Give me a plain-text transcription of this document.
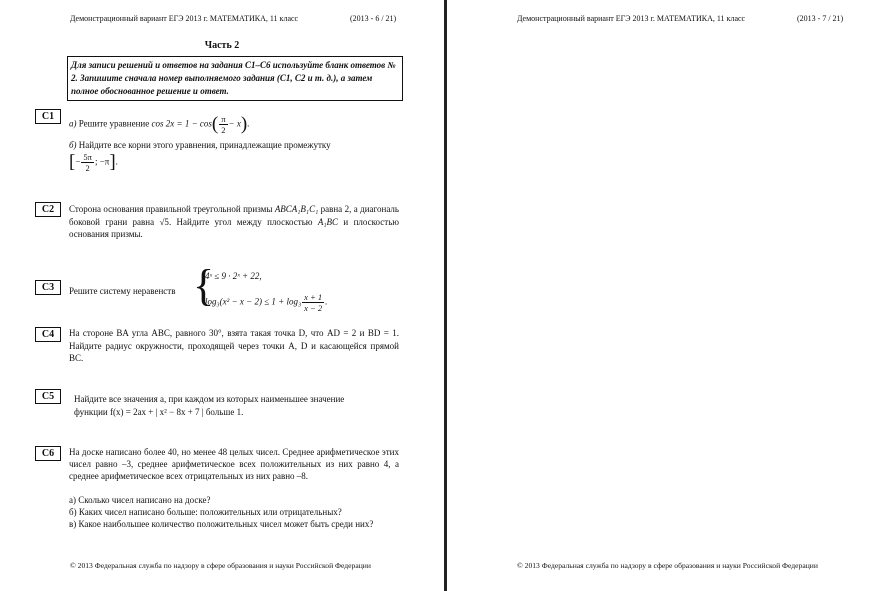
Демонстрационный вариант ЕГЭ 2013 г. МАТЕМАТИКА, 11 класс	(2013 - 6 / 21)
Часть 2
Для записи решений и ответов на задания C1–C6 используйте бланк ответов № 2. Запишите сначала номер выполняемого задания (C1, C2 и т. д.), а затем полное обоснованное решение и ответ.
C1
а) Решите уравнение $\cos 2x = 1 - \cos( \frac{\pi}{2} - x)$.
б) Найдите все корни этого уравнения, принадлежащие промежутку
[− $\frac{5\pi}{2}$ ; −π].
C2	Сторона основания правильной треугольной призмы ABCA₁B₁C₁ равна 2, а диагональ боковой грани равна √5. Найдите угол между плоскостью A₁BC и плоскостью основания призмы.
C3	Решите систему неравенств {
4ˣ ≤ 9 · 2ˣ + 22,
$\log_3(x^2 - x - 2) \le 1 + \log_3 \frac{x + 1}{x - 2}$ .
C4	На стороне BA угла ABC, равного 30°, взята такая точка D, что AD = 2 и BD = 1. Найдите радиус окружности, проходящей через точки A, D и касающейся прямой BC.
C5	Найдите все значения a, при каждом из которых наименьшее значение
функции f(x) = 2ax + | x² − 8x + 7 | больше 1.
C6	На доске написано более 40, но менее 48 целых чисел. Среднее арифметическое этих чисел равно –3, среднее арифметическое всех положительных из них равно 4, а среднее арифметическое всех отрицательных из них равно –8.
а) Сколько чисел написано на доске?
б) Каких чисел написано больше: положительных или отрицательных?
в) Какое наибольшее количество положительных чисел может быть среди них?
© 2013 Федеральная служба по надзору в сфере образования и науки Российской Федерации
Демонстрационный вариант ЕГЭ 2013 г. МАТЕМАТИКА, 11 класс	(2013 - 7 / 21)
© 2013 Федеральная служба по надзору в сфере образования и науки Российской Федерации
